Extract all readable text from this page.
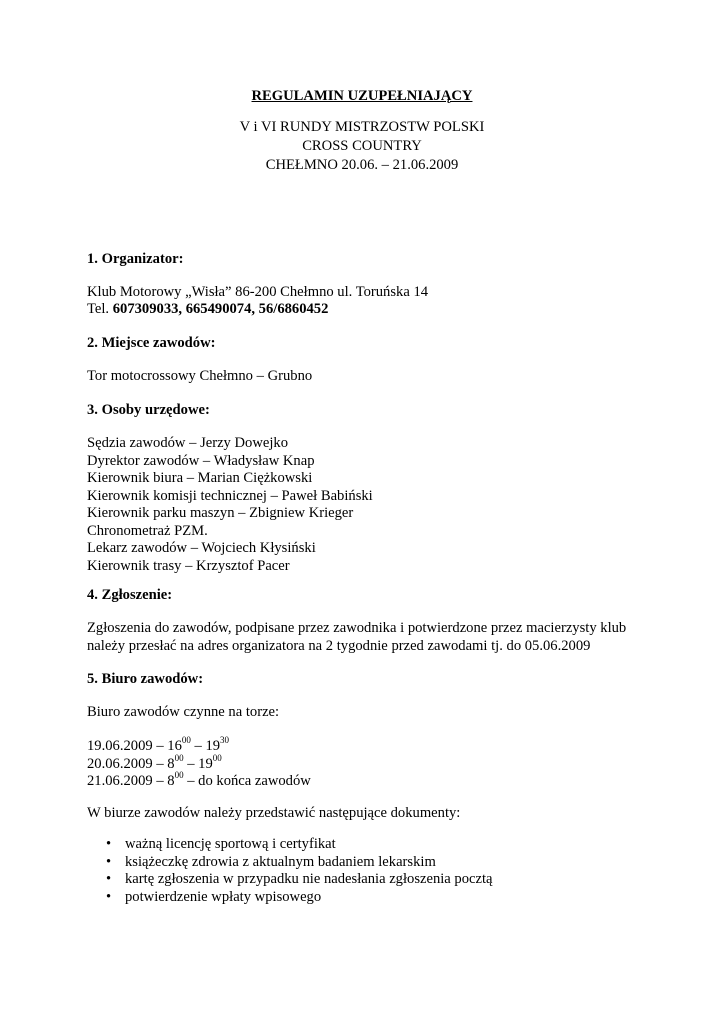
REGULAMIN UZUPEŁNIAJĄCY
V i VI RUNDY MISTRZOSTW POLSKI
CROSS COUNTRY
CHEŁMNO 20.06. – 21.06.2009
1. Organizator:
Klub Motorowy „Wisła” 86-200 Chełmno ul. Toruńska 14
Tel. 607309033, 665490074, 56/6860452
2. Miejsce zawodów:
Tor motocrossowy Chełmno – Grubno
3. Osoby urzędowe:
Sędzia zawodów – Jerzy Dowejko
Dyrektor zawodów – Władysław Knap
Kierownik biura – Marian Ciężkowski
Kierownik komisji technicznej – Paweł Babiński
Kierownik parku maszyn – Zbigniew Krieger
Chronometraż PZM.
Lekarz zawodów – Wojciech Kłysiński
Kierownik trasy – Krzysztof Pacer
4. Zgłoszenie:
Zgłoszenia do zawodów, podpisane przez zawodnika i potwierdzone przez macierzysty klub
należy przesłać na adres organizatora na 2 tygodnie przed zawodami tj. do 05.06.2009
5. Biuro zawodów:
Biuro zawodów czynne na torze:
$19.06.2009 - 16^{00} - 19^{30}$
$20.06.2009 - 8^{00} - 19^{00}$
$21.06.2009 - 8^{00}$ – do końca zawodów
W biurze zawodów należy przedstawić następujące dokumenty:
• ważną licencję sportową i certyfikat
• książeczkę zdrowia z aktualnym badaniem lekarskim
• kartę zgłoszenia w przypadku nie nadesłania zgłoszenia pocztą
• potwierdzenie wpłaty wpisowego
